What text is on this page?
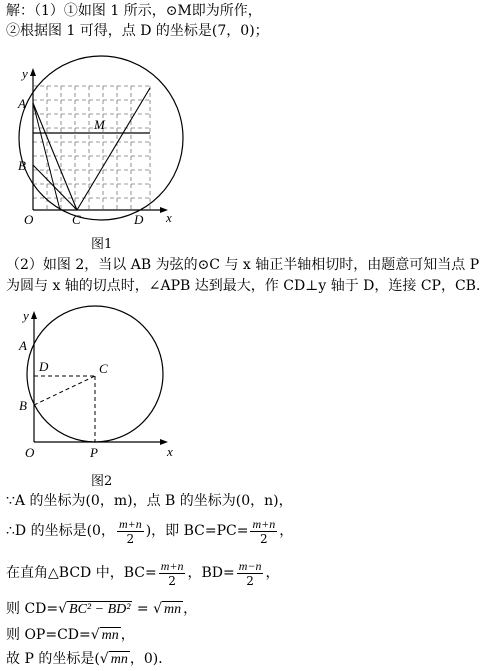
解：（1）①如图 1 所示，⊙M即为所作，
②根据图 1 可得，点 D 的坐标是(7，0)；
y
A
B
M
O	C	D x
y
A
D	C
B
O	P	x
图1
（2）如图 2，当以 AB 为弦的⊙C 与 x 轴正半轴相切时，由题意可知当点 P
为圆与 x 轴的切点时，∠APB 达到最大，作 CD⊥y 轴于 D，连接 CP，CB．
图2
∵A 的坐标为(0，m)，点 B 的坐标为(0，n)，
∴D 的坐标是(0， $\frac{m+n}{2}$ )，即 $BC=PC= \frac{m+n}{2}$ ，
在直角△BCD 中，$BC= \frac{m+n}{2}$ ，$BD= \frac{m-n}{2}$ ，
则 CD=√ BC² − BD² = √ mn ，
则 OP=CD=√ mn ，
故 P 的坐标是(√ mn ，0)．
